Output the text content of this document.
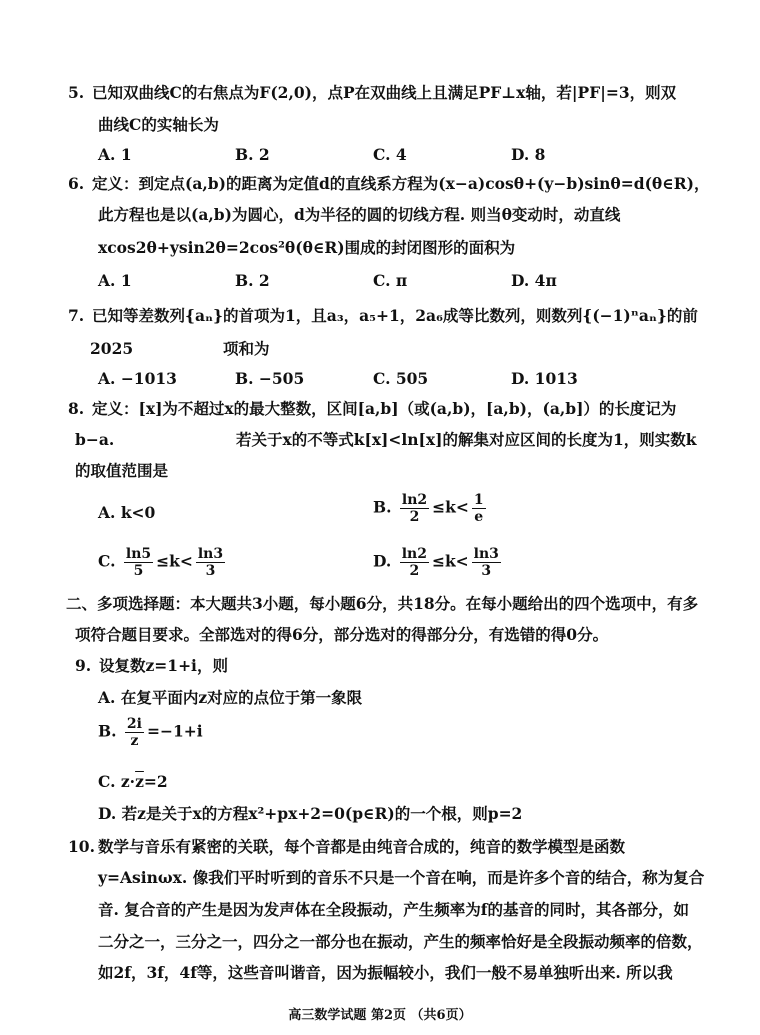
5. 已知双曲线C的右焦点为F(2,0)，点P在双曲线上且满足PF⊥x轴，若|PF|=3，则双
曲线C的实轴长为
A. 1	B. 2	C. 4	D. 8
6. 定义：到定点(a,b)的距离为定值d的直线系方程为(x−a)cosθ+(y−b)sinθ=d(θ∈R)，
此方程也是以(a,b)为圆心，d为半径的圆的切线方程. 则当θ变动时，动直线
xcos2θ+ysin2θ=2cos²θ(θ∈R)围成的封闭图形的面积为
A. 1	B. 2	C. π	D. 4π
7. 已知等差数列{aₙ}的首项为1，且a₃，a₅+1，2a₆成等比数列，则数列{(−1)ⁿaₙ}的前
2025	项和为
A. −1013	B. −505	C. 505	D. 1013
8. 定义：[x]为不超过x的最大整数，区间[a,b]（或(a,b)，[a,b)，(a,b]）的长度记为
b−a.	若关于x的不等式k[x]<ln[x]的解集对应区间的长度为1，则实数k
的取值范围是
A. k<0	B. $\frac{\ln 2}{2} \le k< \frac{1}{e}$
C. $\frac{\ln 5}{5} \le k< \frac{\ln 3}{3}$	D. $\frac{\ln 2}{2} \le k< \frac{\ln 3}{3}$
二、多项选择题：本大题共3小题，每小题6分，共18分。在每小题给出的四个选项中，有多
项符合题目要求。全部选对的得6分，部分选对的得部分分，有选错的得0分。
9. 设复数z=1+i，则
A. 在复平面内z对应的点位于第一象限
B. $\frac{2i}{z} =-1+i$
C. $z\cdot\overline{z}=2$
D. 若z是关于x的方程x²+px+2=0(p∈R)的一个根，则p=2
10. 数学与音乐有紧密的关联，每个音都是由纯音合成的，纯音的数学模型是函数
y=Asinωx. 像我们平时听到的音乐不只是一个音在响，而是许多个音的结合，称为复合
音. 复合音的产生是因为发声体在全段振动，产生频率为f的基音的同时，其各部分，如
二分之一，三分之一，四分之一部分也在振动，产生的频率恰好是全段振动频率的倍数，
如2f，3f，4f等，这些音叫谐音，因为振幅较小，我们一般不易单独听出来. 所以我
高三数学试题 第2页 （共6页）
